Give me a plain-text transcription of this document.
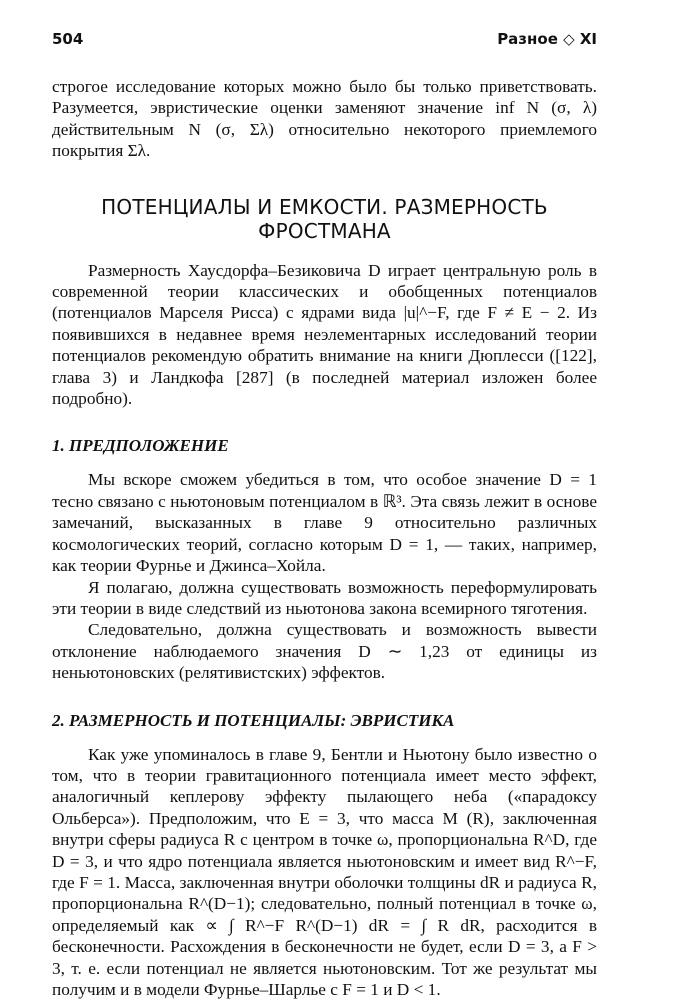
504	Разное ◇ XI

строгое исследование которых можно было бы только приветствовать. Разумеется, эвристические оценки заменяют значение inf N (σ, λ) действительным N (σ, Σλ) относительно некоторого приемлемого покрытия Σλ.

ПОТЕНЦИАЛЫ И ЕМКОСТИ. РАЗМЕРНОСТЬ

ФРОСТМАНА

Размерность Хаусдорфа–Безиковича D играет центральную роль в современной теории классических и обобщенных потенциалов (потенциалов Марселя Рисса) с ядрами вида |u|^−F, где F ≠ E − 2. Из появившихся в недавнее время неэлементарных исследований теории потенциалов рекомендую обратить внимание на книги Дюплесси ([122], глава 3) и Ландкофа [287] (в последней материал изложен более подробно).

1. ПРЕДПОЛОЖЕНИЕ

Мы вскоре сможем убедиться в том, что особое значение D = 1 тесно связано с ньютоновым потенциалом в ℝ³. Эта связь лежит в основе замечаний, высказанных в главе 9 относительно различных космологических теорий, согласно которым D = 1, — таких, например, как теории Фурнье и Джинса–Хойла.

Я полагаю, должна существовать возможность переформулировать эти теории в виде следствий из ньютонова закона всемирного тяготения.

Следовательно, должна существовать и возможность вывести отклонение наблюдаемого значения D ∼ 1,23 от единицы из неньютоновских (релятивистских) эффектов.

2. РАЗМЕРНОСТЬ И ПОТЕНЦИАЛЫ: ЭВРИСТИКА

Как уже упоминалось в главе 9, Бентли и Ньютону было известно о том, что в теории гравитационного потенциала имеет место эффект, аналогичный кеплерову эффекту пылающего неба («парадоксу Ольберса»). Предположим, что E = 3, что масса M (R), заключенная внутри сферы радиуса R с центром в точке ω, пропорциональна R^D, где D = 3, и что ядро потенциала является ньютоновским и имеет вид R^−F, где F = 1. Масса, заключенная внутри оболочки толщины dR и радиуса R, пропорциональна R^(D−1); следовательно, полный потенциал в точке ω, определяемый как ∝ ∫ R^−F R^(D−1) dR = ∫ R dR, расходится в бесконечности. Расхождения в бесконечности не будет, если D = 3, а F > 3, т. е. если потенциал не является ньютоновским. Тот же результат мы получим и в модели Фурнье–Шарлье с F = 1 и D < 1.
